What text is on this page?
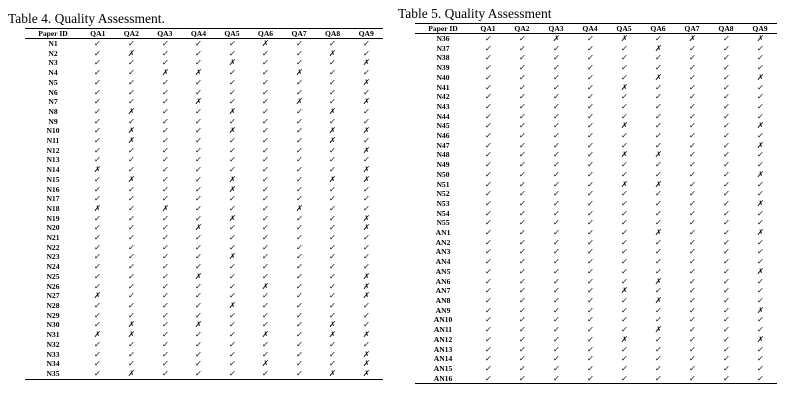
Table 4. Quality Assessment.
Paper ID	QA1	QA2	QA3	QA4	QA5	QA6	QA7	QA8	QA9
N1	✓	✓	✓	✓	✓	✗	✓	✓	✓
N2	✓	✗	✓	✓	✓	✓	✓	✗	✓
N3	✓	✓	✓	✓	✗	✓	✓	✓	✗
N4	✓	✓	✗	✗	✓	✓	✗	✓	✓
N5	✓	✓	✓	✓	✓	✓	✓	✓	✗
N6	✓	✓	✓	✓	✓	✓	✓	✓	✓
N7	✓	✓	✓	✗	✓	✓	✗	✓	✗
N8	✓	✗	✓	✓	✗	✓	✓	✗	✓
N9	✓	✓	✓	✓	✓	✓	✓	✓	✓
N10	✓	✗	✓	✓	✗	✓	✓	✗	✗
N11	✓	✗	✓	✓	✓	✓	✓	✗	✓
N12	✓	✓	✓	✓	✓	✓	✓	✓	✗
N13	✓	✓	✓	✓	✓	✓	✓	✓	✓
N14	✗	✓	✓	✓	✓	✓	✓	✓	✗
N15	✓	✗	✓	✓	✗	✓	✓	✗	✗
N16	✓	✓	✓	✓	✗	✓	✓	✓	✓
N17	✓	✓	✓	✓	✓	✓	✓	✓	✓
N18	✗	✓	✗	✓	✓	✓	✗	✓	✓
N19	✓	✓	✓	✓	✗	✓	✓	✓	✗
N20	✓	✓	✓	✗	✓	✓	✓	✓	✗
N21	✓	✓	✓	✓	✓	✓	✓	✓	✓
N22	✓	✓	✓	✓	✓	✓	✓	✓	✓
N23	✓	✓	✓	✓	✗	✓	✓	✓	✓
N24	✓	✓	✓	✓	✓	✓	✓	✓	✓
N25	✓	✓	✓	✗	✓	✓	✓	✓	✗
N26	✓	✓	✓	✓	✓	✗	✓	✓	✗
N27	✗	✓	✓	✓	✓	✓	✓	✓	✗
N28	✓	✓	✓	✓	✗	✓	✓	✓	✓
N29	✓	✓	✓	✓	✓	✓	✓	✓	✓
N30	✓	✗	✓	✗	✓	✓	✓	✗	✓
N31	✗	✗	✓	✓	✓	✗	✓	✗	✗
N32	✓	✓	✓	✓	✓	✓	✓	✓	✓
N33	✓	✓	✓	✓	✓	✓	✓	✓	✗
N34	✓	✓	✓	✓	✓	✗	✓	✓	✗
N35	✓	✗	✓	✓	✓	✓	✓	✗	✗
Table 5. Quality Assessment
Paper ID	QA1	QA2	QA3	QA4	QA5	QA6	QA7	QA8	QA9
N36	✓	✓	✗	✓	✗	✓	✗	✓	✗
N37	✓	✓	✓	✓	✓	✗	✓	✓	✓
N38	✓	✓	✓	✓	✓	✓	✓	✓	✓
N39	✓	✓	✓	✓	✓	✓	✓	✓	✓
N40	✓	✓	✓	✓	✓	✗	✓	✓	✗
N41	✓	✓	✓	✓	✗	✓	✓	✓	✓
N42	✓	✓	✓	✓	✓	✓	✓	✓	✓
N43	✓	✓	✓	✓	✓	✓	✓	✓	✓
N44	✓	✓	✓	✓	✓	✓	✓	✓	✓
N45	✓	✓	✓	✓	✗	✓	✓	✓	✗
N46	✓	✓	✓	✓	✓	✓	✓	✓	✓
N47	✓	✓	✓	✓	✓	✓	✓	✓	✗
N48	✓	✓	✓	✓	✗	✗	✓	✓	✓
N49	✓	✓	✓	✓	✓	✓	✓	✓	✓
N50	✓	✓	✓	✓	✓	✓	✓	✓	✗
N51	✓	✓	✓	✓	✗	✗	✓	✓	✓
N52	✓	✓	✓	✓	✓	✓	✓	✓	✓
N53	✓	✓	✓	✓	✓	✓	✓	✓	✗
N54	✓	✓	✓	✓	✓	✓	✓	✓	✓
N55	✓	✓	✓	✓	✓	✓	✓	✓	✓
AN1	✓	✓	✓	✓	✓	✗	✓	✓	✗
AN2	✓	✓	✓	✓	✓	✓	✓	✓	✓
AN3	✓	✓	✓	✓	✓	✓	✓	✓	✓
AN4	✓	✓	✓	✓	✓	✓	✓	✓	✓
AN5	✓	✓	✓	✓	✓	✓	✓	✓	✗
AN6	✓	✓	✓	✓	✓	✗	✓	✓	✓
AN7	✓	✓	✓	✓	✗	✓	✓	✓	✓
AN8	✓	✓	✓	✓	✓	✗	✓	✓	✓
AN9	✓	✓	✓	✓	✓	✓	✓	✓	✗
AN10	✓	✓	✓	✓	✓	✓	✓	✓	✓
AN11	✓	✓	✓	✓	✓	✗	✓	✓	✓
AN12	✓	✓	✓	✓	✗	✓	✓	✓	✗
AN13	✓	✓	✓	✓	✓	✓	✓	✓	✓
AN14	✓	✓	✓	✓	✓	✓	✓	✓	✓
AN15	✓	✓	✓	✓	✓	✓	✓	✓	✓
AN16	✓	✓	✓	✓	✓	✓	✓	✓	✓
